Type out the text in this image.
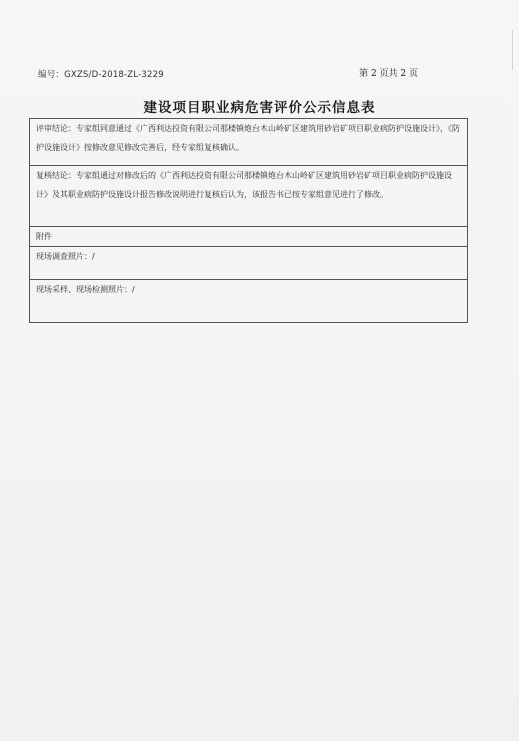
编号：GXZS/D-2018-ZL-3229	第 2 页共 2 页
建设项目职业病危害评价公示信息表
评审结论：专家组同意通过《广西利达投资有限公司那楼镇炮台木山岭矿区建筑用砂岩矿项目职业病防护设施设计》，《防护设施设计》按修改意见修改完善后，经专家组复核确认。

复核结论：专家组通过对修改后的《广西利达投资有限公司那楼镇炮台木山岭矿区建筑用砂岩矿项目职业病防护设施设计》及其职业病防护设施设计报告修改说明进行复核后认为，该报告书已按专家组意见进行了修改。

附件

现场调查照片：/

现场采样、现场检测照片：/
